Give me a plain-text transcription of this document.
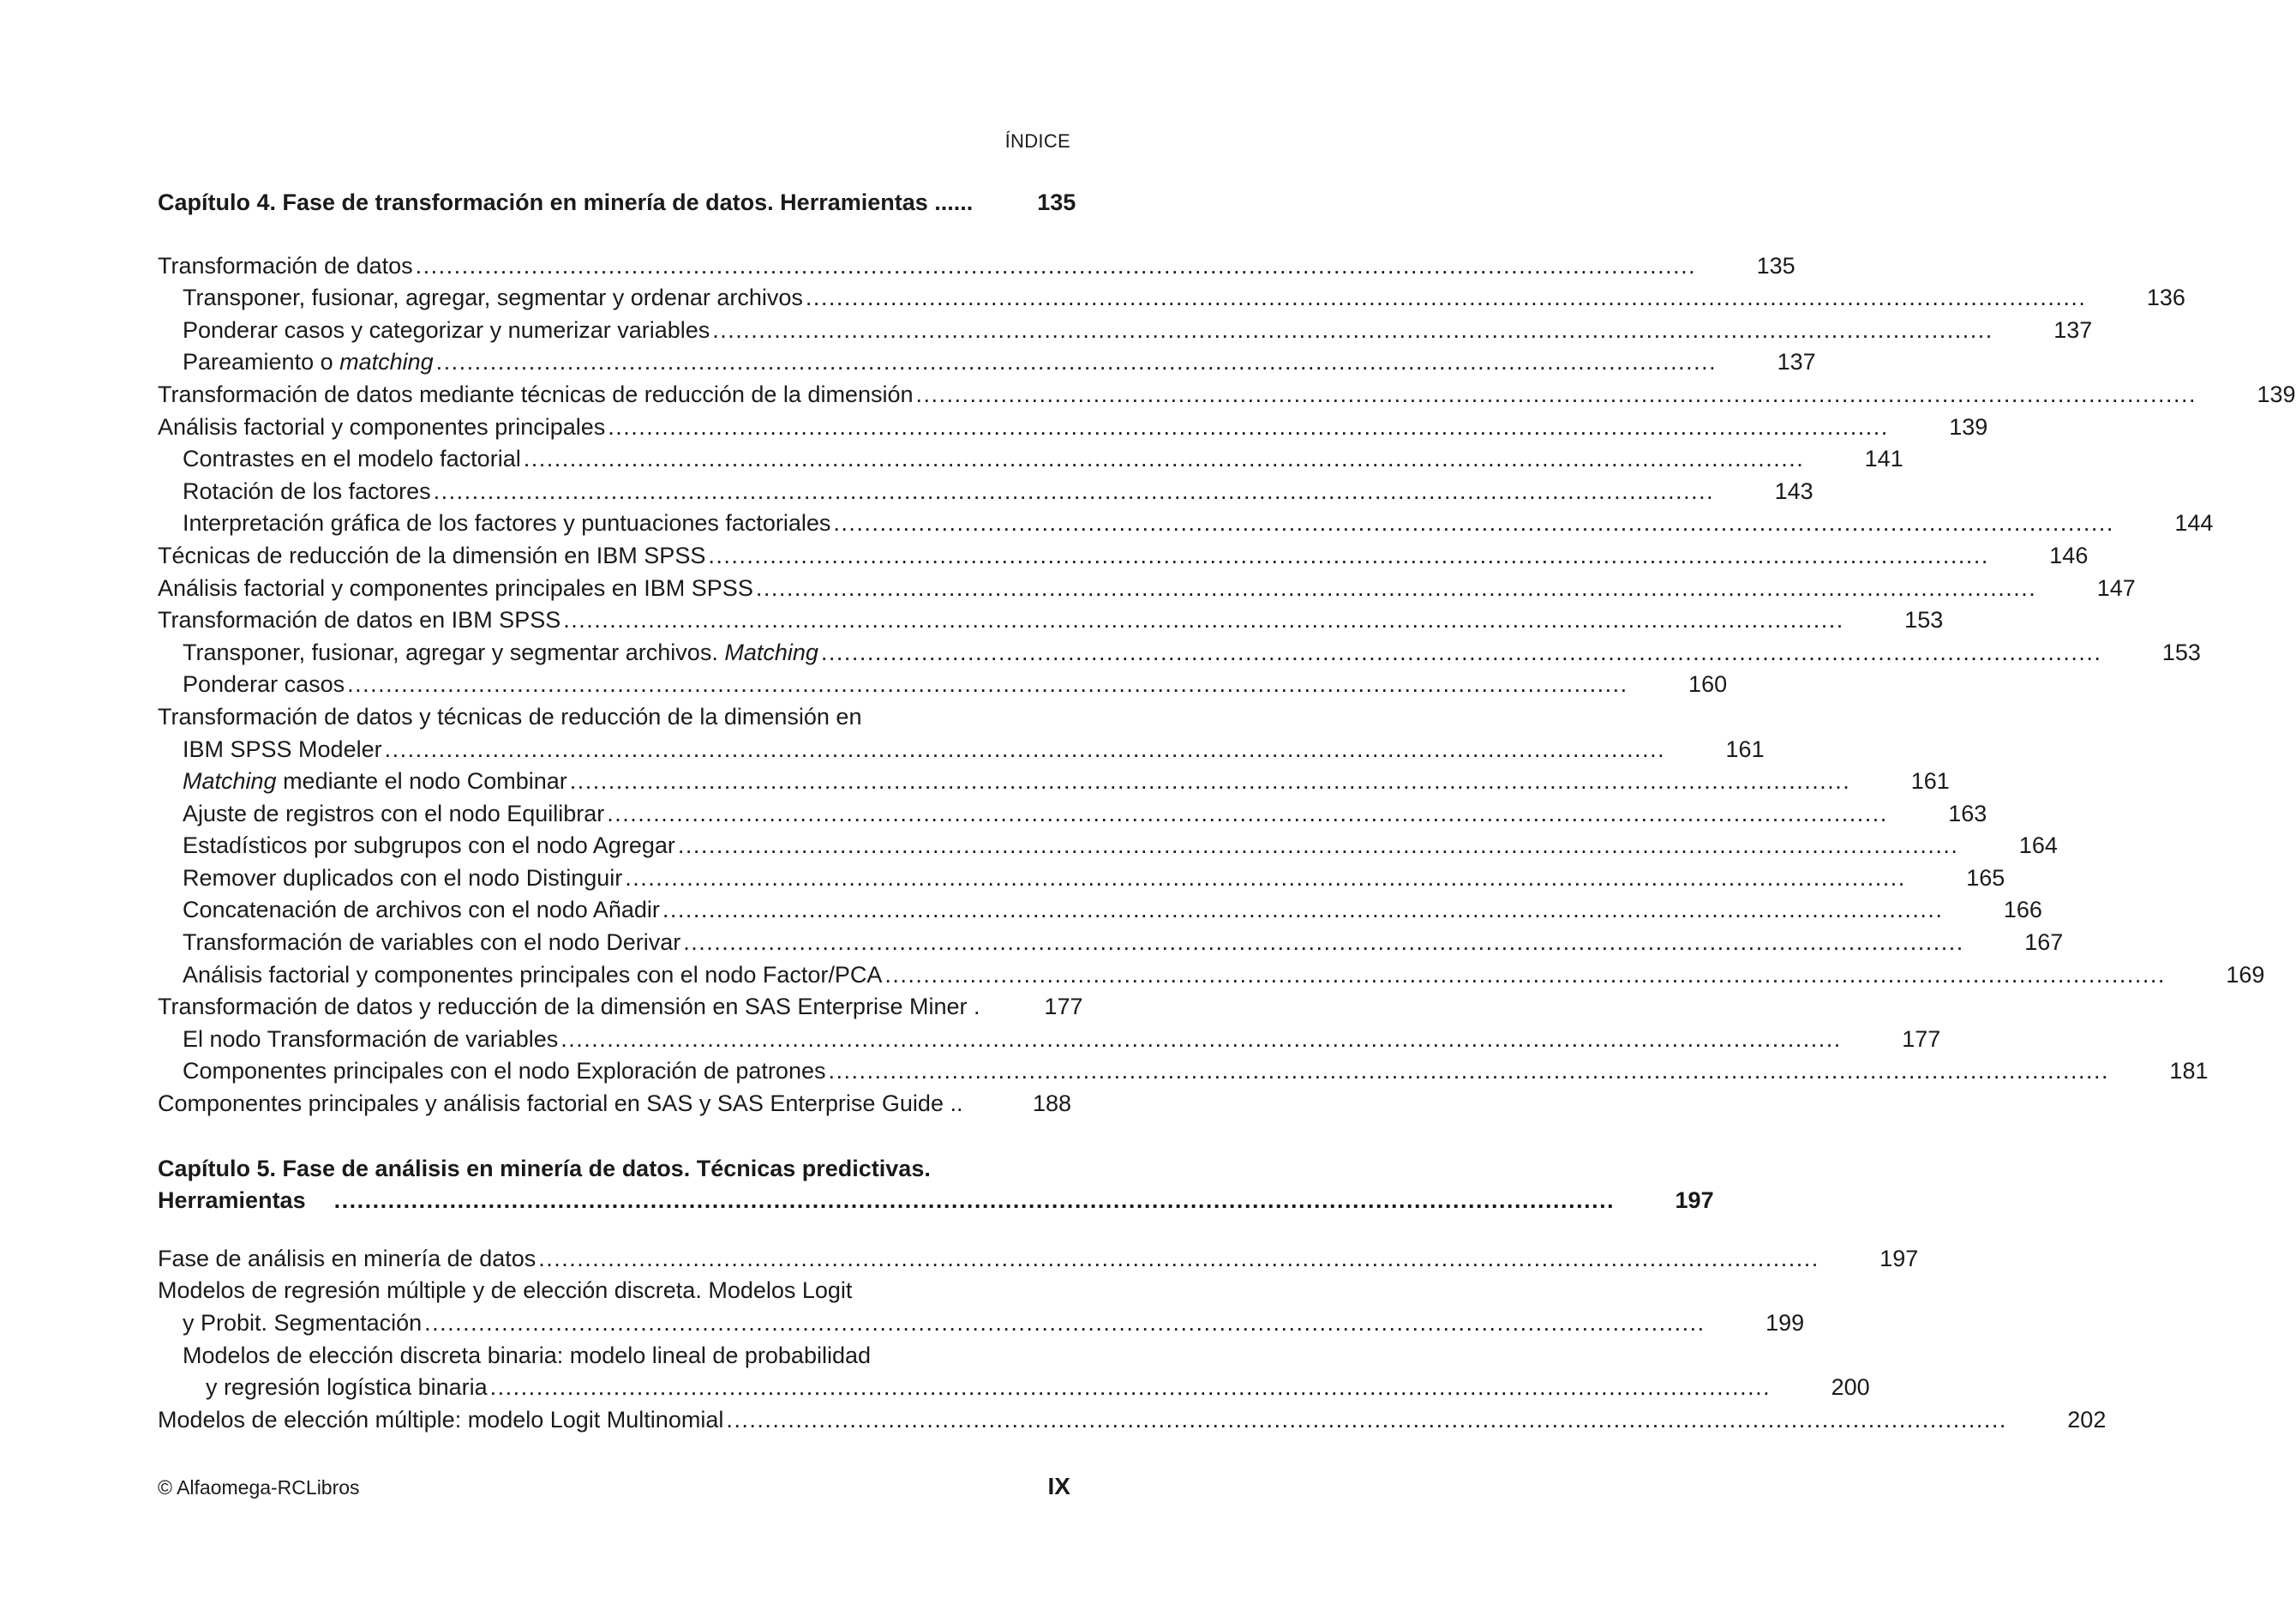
ÍNDICE
Capítulo 4. Fase de transformación en minería de datos. Herramientas ......	135
Transformación de datos . . .	135
Transponer, fusionar, agregar, segmentar y ordenar archivos . . .	136
Ponderar casos y categorizar y numerizar variables . . .	137
Pareamiento o matching . . .	137
Transformación de datos mediante técnicas de reducción de la dimensión . . .	139
Análisis factorial y componentes principales . . .	139
Contrastes en el modelo factorial . . .	141
Rotación de los factores . . .	143
Interpretación gráfica de los factores y puntuaciones factoriales . . .	144
Técnicas de reducción de la dimensión en IBM SPSS . . .	146
Análisis factorial y componentes principales en IBM SPSS . . .	147
Transformación de datos en IBM SPSS . . .	153
Transponer, fusionar, agregar y segmentar archivos. Matching . . .	153
Ponderar casos . . .	160
Transformación de datos y técnicas de reducción de la dimensión en
IBM SPSS Modeler . . .	161
Matching mediante el nodo Combinar . . .	161
Ajuste de registros con el nodo Equilibrar . . .	163
Estadísticos por subgrupos con el nodo Agregar . . .	164
Remover duplicados con el nodo Distinguir . . .	165
Concatenación de archivos con el nodo Añadir . . .	166
Transformación de variables con el nodo Derivar . . .	167
Análisis factorial y componentes principales con el nodo Factor/PCA . . .	169
Transformación de datos y reducción de la dimensión en SAS Enterprise Miner .	177
El nodo Transformación de variables . . .	177
Componentes principales con el nodo Exploración de patrones . . .	181
Componentes principales y análisis factorial en SAS y SAS Enterprise Guide ..	188
Capítulo 5. Fase de análisis en minería de datos. Técnicas predictivas.
Herramientas . . .	197
Fase de análisis en minería de datos . . .	197
Modelos de regresión múltiple y de elección discreta. Modelos Logit
y Probit. Segmentación . . .	199
Modelos de elección discreta binaria: modelo lineal de probabilidad
y regresión logística binaria . . .	200
Modelos de elección múltiple: modelo Logit Multinomial . . .	202
© Alfaomega-RCLibros	IX
